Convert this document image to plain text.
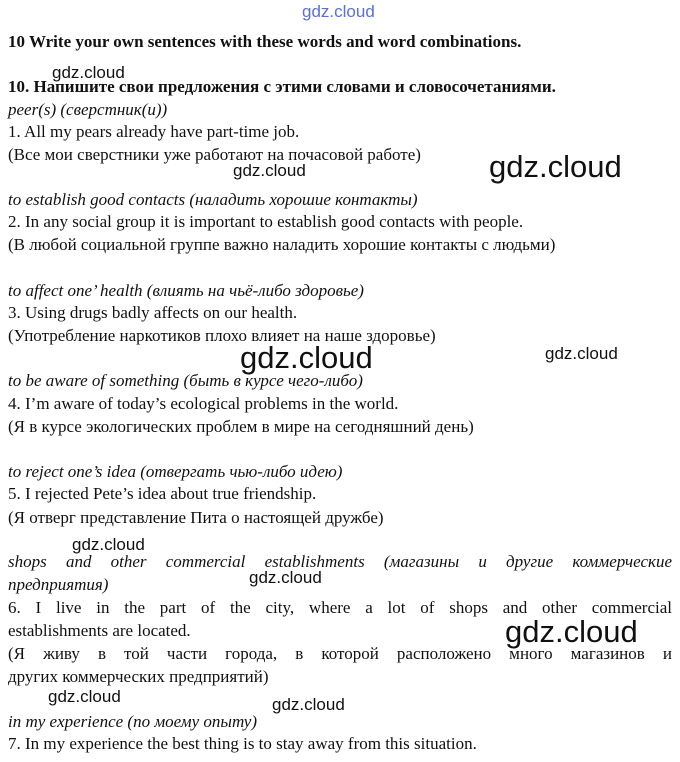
gdz.cloud
10 Write your own sentences with these words and word combinations.
10. Напишите свои предложения с этими словами и словосочетаниями.
peer(s) (сверстник(и))
1. All my pears already have part-time job.
(Все мои сверстники уже работают на почасовой работе)
to establish good contacts (наладить хорошие контакты)
2. In any social group it is important to establish good contacts with people.
(В любой социальной группе важно наладить хорошие контакты с людьми)
to affect one’ health (влиять на чьё-либо здоровье)
3. Using drugs badly affects on our health.
(Употребление наркотиков плохо влияет на наше здоровье)
to be aware of something (быть в курсе чего-либо)
4. I’m aware of today’s ecological problems in the world.
(Я в курсе экологических проблем в мире на сегодняшний день)
to reject one’s idea (отвергать чью-либо идею)
5. I rejected Pete’s idea about true friendship.
(Я отверг представление Пита о настоящей дружбе)
shops and other commercial establishments (магазины и другие коммерческие
предприятия)
6. I live in the part of the city, where a lot of shops and other commercial
establishments are located.
(Я живу в той части города, в которой расположено много магазинов и
других коммерческих предприятий)
in my experience (по моему опыту)
7. In my experience the best thing is to stay away from this situation.
gdz.cloud
gdz.cloud	gdz.cloud
gdz.cloud	gdz.cloud
gdz.cloud
gdz.cloud
gdz.cloud
gdz.cloud	gdz.cloud
